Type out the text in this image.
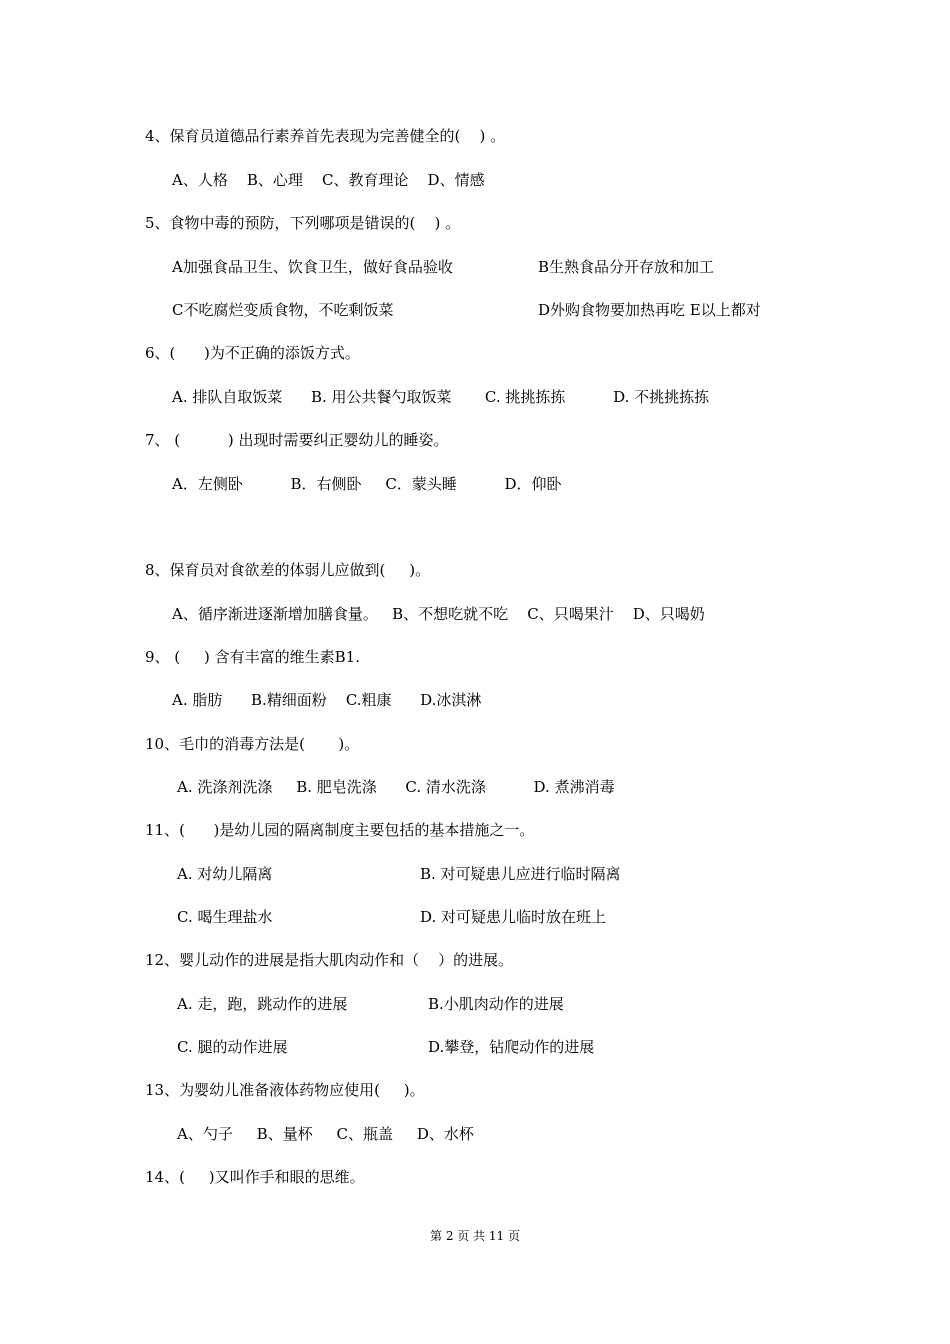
4、保育员道德品行素养首先表现为完善健全的(    ) 。
A、人格    B、心理    C、教育理论    D、情感
5、食物中毒的预防，下列哪项是错误的(    ) 。
A加强食品卫生、饮食卫生，做好食品验收	B生熟食品分开存放和加工
C不吃腐烂变质食物，不吃剩饭菜	D外购食物要加热再吃 E以上都对
6、(      )为不正确的添饭方式。
A. 排队自取饭菜      B. 用公共餐勺取饭菜       C. 挑挑拣拣          D. 不挑挑拣拣
7、 (          ) 出现时需要纠正婴幼儿的睡姿。
A．左侧卧          B．右侧卧     C．蒙头睡          D．仰卧
8、保育员对食欲差的体弱儿应做到(     )。
A、循序渐进逐渐增加膳食量。   B、不想吃就不吃    C、只喝果汁    D、只喝奶
9、 (     ) 含有丰富的维生素B1.
A. 脂肪      B.精细面粉    C.粗康      D.冰淇淋
10、毛巾的消毒方法是(       )。
A. 洗涤剂洗涤     B. 肥皂洗涤      C. 清水洗涤          D. 煮沸消毒
11、(      )是幼儿园的隔离制度主要包括的基本措施之一。
A. 对幼儿隔离	B. 对可疑患儿应进行临时隔离
C. 喝生理盐水	D. 对可疑患儿临时放在班上
12、婴儿动作的进展是指大肌肉动作和（    ）的进展。
A. 走，跑，跳动作的进展	B.小肌肉动作的进展
C. 腿的动作进展	D.攀登，钻爬动作的进展
13、为婴幼儿准备液体药物应使用(     )。
A、勺子     B、量杯     C、瓶盖     D、水杯
14、(     )又叫作手和眼的思维。
第 2 页 共 11 页
